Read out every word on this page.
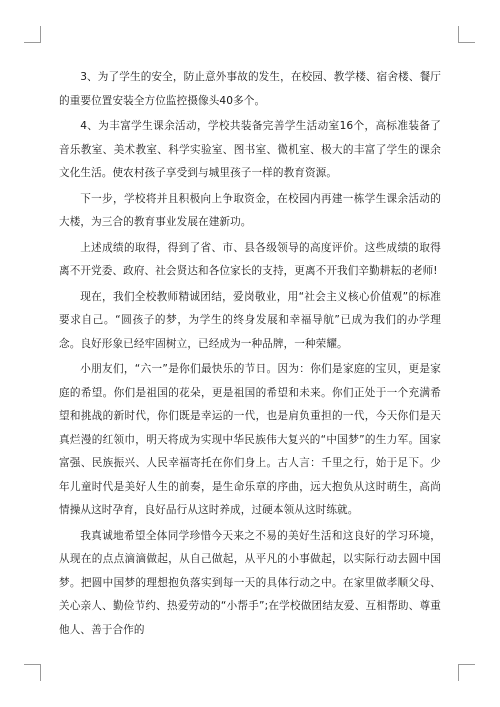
3、为了学生的安全，防止意外事故的发生，在校园、教学楼、宿舍楼、餐厅的重要位置安装全方位监控摄像头40多个。

4、为丰富学生课余活动，学校共装备完善学生活动室16个，高标准装备了音乐教室、美术教室、科学实验室、图书室、微机室、极大的丰富了学生的课余文化生活。使农村孩子享受到与城里孩子一样的教育资源。

下一步，学校将并且积极向上争取资金，在校园内再建一栋学生课余活动的大楼，为三合的教育事业发展在建新功。

上述成绩的取得，得到了省、市、县各级领导的高度评价。这些成绩的取得离不开党委、政府、社会贤达和各位家长的支持，更离不开我们辛勤耕耘的老师!

现在，我们全校教师精诚团结，爱岗敬业，用“社会主义核心价值观”的标准要求自己。“圆孩子的梦，为学生的终身发展和幸福导航”已成为我们的办学理念。良好形象已经牢固树立，已经成为一种品牌，一种荣耀。

小朋友们，“六一”是你们最快乐的节日。因为：你们是家庭的宝贝，更是家庭的希望。你们是祖国的花朵，更是祖国的希望和未来。你们正处于一个充满希望和挑战的新时代，你们既是幸运的一代，也是肩负重担的一代，今天你们是天真烂漫的红领巾，明天将成为实现中华民族伟大复兴的“中国梦”的生力军。国家富强、民族振兴、人民幸福寄托在你们身上。古人言：千里之行，始于足下。少年儿童时代是美好人生的前奏，是生命乐章的序曲，远大抱负从这时萌生，高尚情操从这时孕育，良好品行从这时养成，过硬本领从这时练就。

我真诚地希望全体同学珍惜今天来之不易的美好生活和这良好的学习环境，从现在的点点滴滴做起，从自己做起，从平凡的小事做起，以实际行动去圆中国梦。把圆中国梦的理想抱负落实到每一天的具体行动之中。在家里做孝顺父母、关心亲人、勤俭节约、热爱劳动的“小帮手”;在学校做团结友爱、互相帮助、尊重他人、善于合作的
